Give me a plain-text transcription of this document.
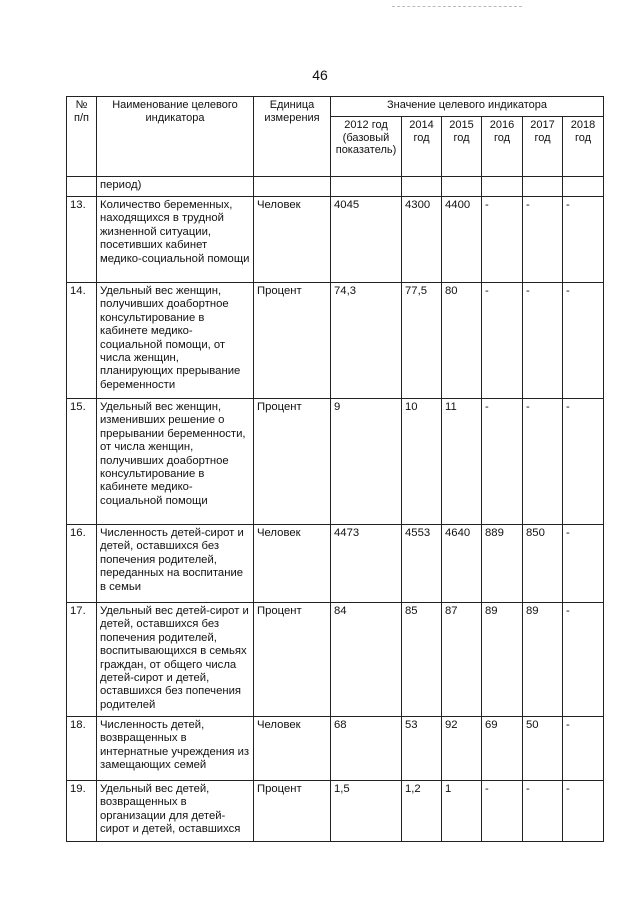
46
№ п/п	Наименование целевого индикатора	Единица измерения	Значение целевого индикатора					
			2012 год (базовый показатель)	2014 год	2015 год	2016 год	2017 год	2018 год
	период)							
13.	Количество беременных, находящихся в трудной жизненной ситуации, посетивших кабинет медико-социальной помощи	Человек	4045	4300	4400	-	-	-
14.	Удельный вес женщин, получивших доабортное консультирование в кабинете медико-социальной помощи, от числа женщин, планирующих прерывание беременности	Процент	74,3	77,5	80	-	-	-
15.	Удельный вес женщин, изменивших решение о прерывании беременности, от числа женщин, получивших доабортное консультирование в кабинете медико-социальной помощи	Процент	9	10	11	-	-	-
16.	Численность детей-сирот и детей, оставшихся без попечения родителей, переданных на воспитание в семьи	Человек	4473	4553	4640	889	850	-
17.	Удельный вес детей-сирот и детей, оставшихся без попечения родителей, воспитывающихся в семьях граждан, от общего числа детей-сирот и детей, оставшихся без попечения родителей	Процент	84	85	87	89	89	-
18.	Численность детей, возвращенных в интернатные учреждения из замещающих семей	Человек	68	53	92	69	50	-
19.	Удельный вес детей, возвращенных в организации для детей-сирот и детей, оставшихся	Процент	1,5	1,2	1	-	-	-
